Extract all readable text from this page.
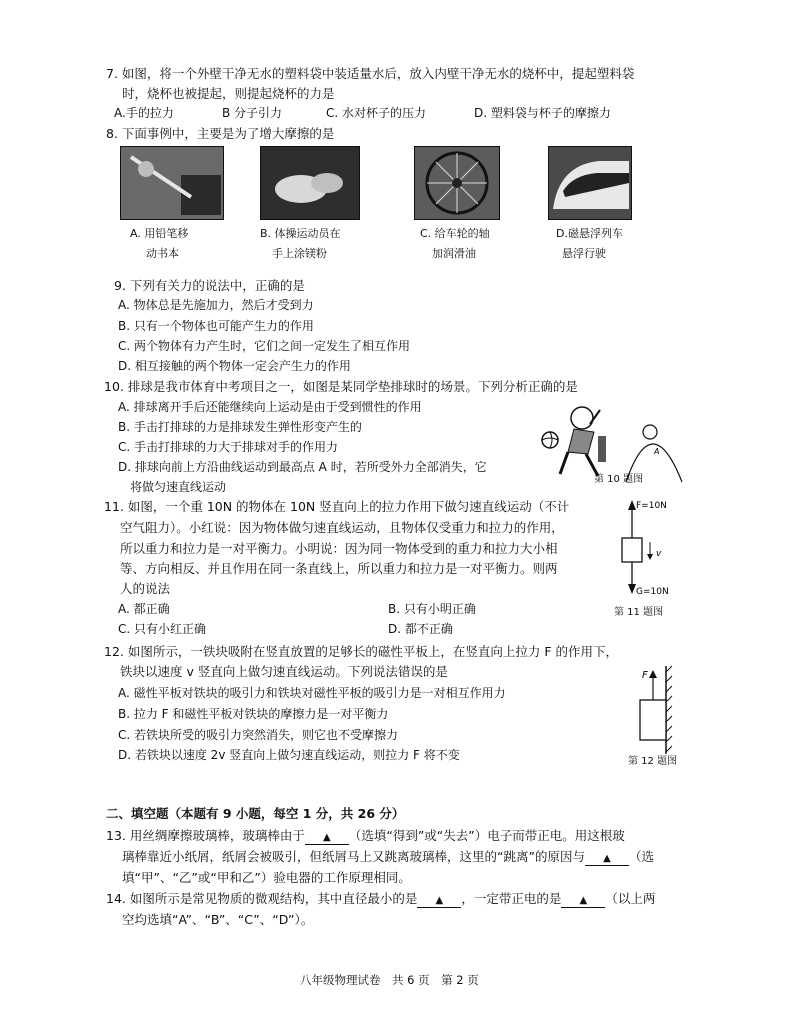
7. 如图，将一个外壁干净无水的塑料袋中装适量水后，放入内壁干净无水的烧杯中，提起塑料袋
时，烧杯也被提起，则提起烧杯的力是
A.手的拉力	B 分子引力	C. 水对杯子的压力	D. 塑料袋与杯子的摩擦力
8. 下面事例中，主要是为了增大摩擦的是
A. 用铅笔移
动书本
B. 体操运动员在
手上涂镁粉
C. 给车轮的轴
加润滑油
D.磁悬浮列车
悬浮行驶
9. 下列有关力的说法中，正确的是
A. 物体总是先施加力，然后才受到力
B. 只有一个物体也可能产生力的作用
C. 两个物体有力产生时，它们之间一定发生了相互作用
D. 相互接触的两个物体一定会产生力的作用
10. 排球是我市体育中考项目之一，如图是某同学垫排球时的场景。下列分析正确的是
A. 排球离开手后还能继续向上运动是由于受到惯性的作用
B. 手击打排球的力是排球发生弹性形变产生的
C. 手击打排球的力大于排球对手的作用力
D. 排球向前上方沿曲线运动到最高点 A 时，若所受外力全部消失，它
将做匀速直线运动
A
第 10 题图
11. 如图，一个重 10N 的物体在 10N 竖直向上的拉力作用下做匀速直线运动（不计
空气阻力）。小红说：因为物体做匀速直线运动，且物体仅受重力和拉力的作用，
所以重力和拉力是一对平衡力。小明说：因为同一物体受到的重力和拉力大小相
等、方向相反、并且作用在同一条直线上，所以重力和拉力是一对平衡力。则两
人的说法
A. 都正确	B. 只有小明正确
C. 只有小红正确	D. 都不正确
v
F=10N
G=10N
第 11 题图
12. 如图所示，一铁块吸附在竖直放置的足够长的磁性平板上，在竖直向上拉力 F 的作用下，
铁块以速度 v 竖直向上做匀速直线运动。下列说法错误的是
A. 磁性平板对铁块的吸引力和铁块对磁性平板的吸引力是一对相互作用力
B. 拉力 F 和磁性平板对铁块的摩擦力是一对平衡力
C. 若铁块所受的吸引力突然消失，则它也不受摩擦力
D. 若铁块以速度 2v 竖直向上做匀速直线运动，则拉力 F 将不变
F
第 12 题图
二、填空题（本题有 9 小题，每空 1 分，共 26 分）
13. 用丝绸摩擦玻璃棒，玻璃棒由于 ▲ （选填“得到”或“失去”）电子而带正电。用这根玻
璃棒靠近小纸屑，纸屑会被吸引，但纸屑马上又跳离玻璃棒，这里的“跳离”的原因与 ▲ （选
填“甲”、“乙”或“甲和乙”）验电器的工作原理相同。
14. 如图所示是常见物质的微观结构，其中直径最小的是 ▲ ，一定带正电的是 ▲ （以上两
空均选填“A”、“B”、“C”、“D”）。
八年级物理试卷　共 6 页　第 2 页
